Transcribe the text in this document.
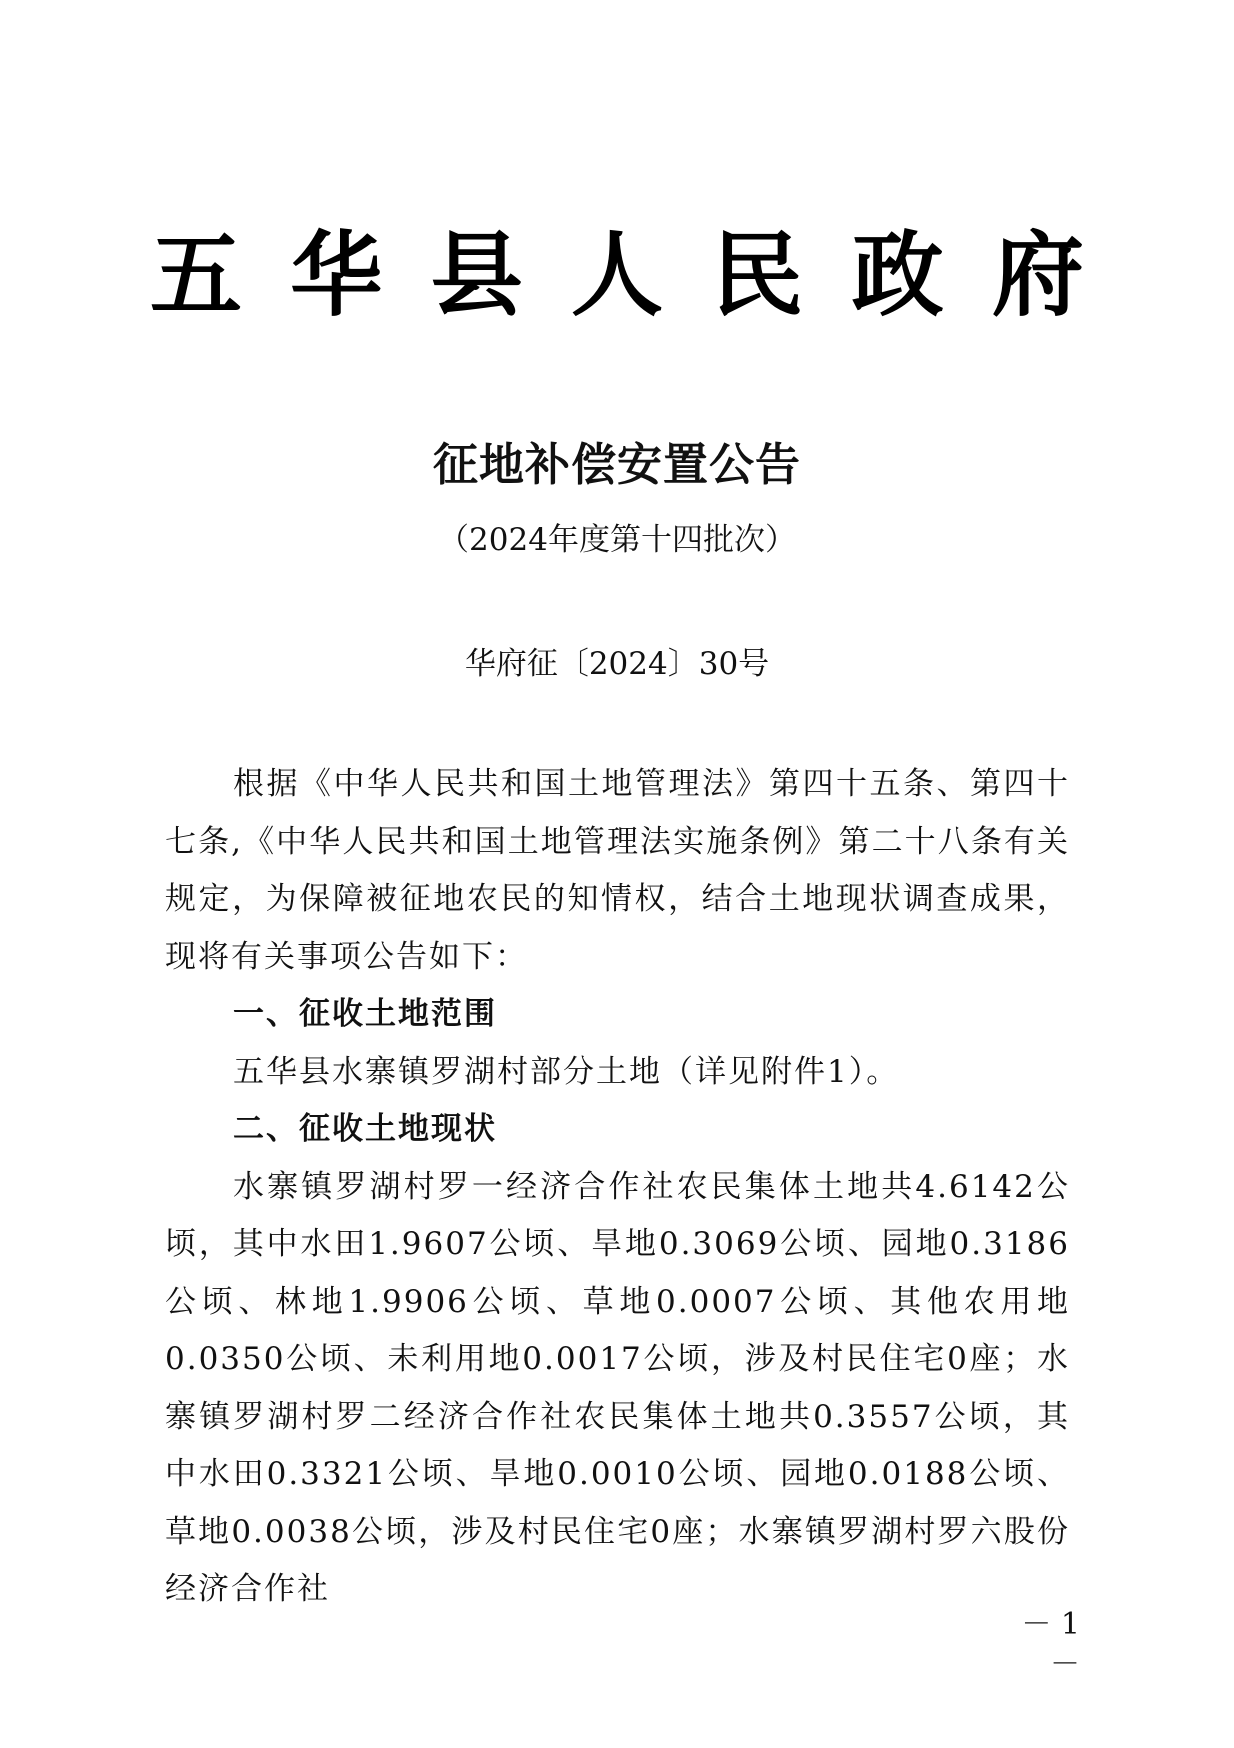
五 华 县 人 民 政 府
征地补偿安置公告
（2024年度第十四批次）
华府征〔2024〕30号

根据《中华人民共和国土地管理法》第四十五条、第四十七条,《中华人民共和国土地管理法实施条例》第二十八条有关规定，为保障被征地农民的知情权，结合土地现状调查成果，现将有关事项公告如下：

一、征收土地范围

五华县水寨镇罗湖村部分土地（详见附件1）。

二、征收土地现状

水寨镇罗湖村罗一经济合作社农民集体土地共4.6142公顷，其中水田1.9607公顷、旱地0.3069公顷、园地0.3186公顷、林地1.9906公顷、草地0.0007公顷、其他农用地0.0350公顷、未利用地0.0017公顷，涉及村民住宅0座；水寨镇罗湖村罗二经济合作社农民集体土地共0.3557公顷，其中水田0.3321公顷、旱地0.0010公顷、园地0.0188公顷、草地0.0038公顷，涉及村民住宅0座；水寨镇罗湖村罗六股份经济合作社

－ 1 －
